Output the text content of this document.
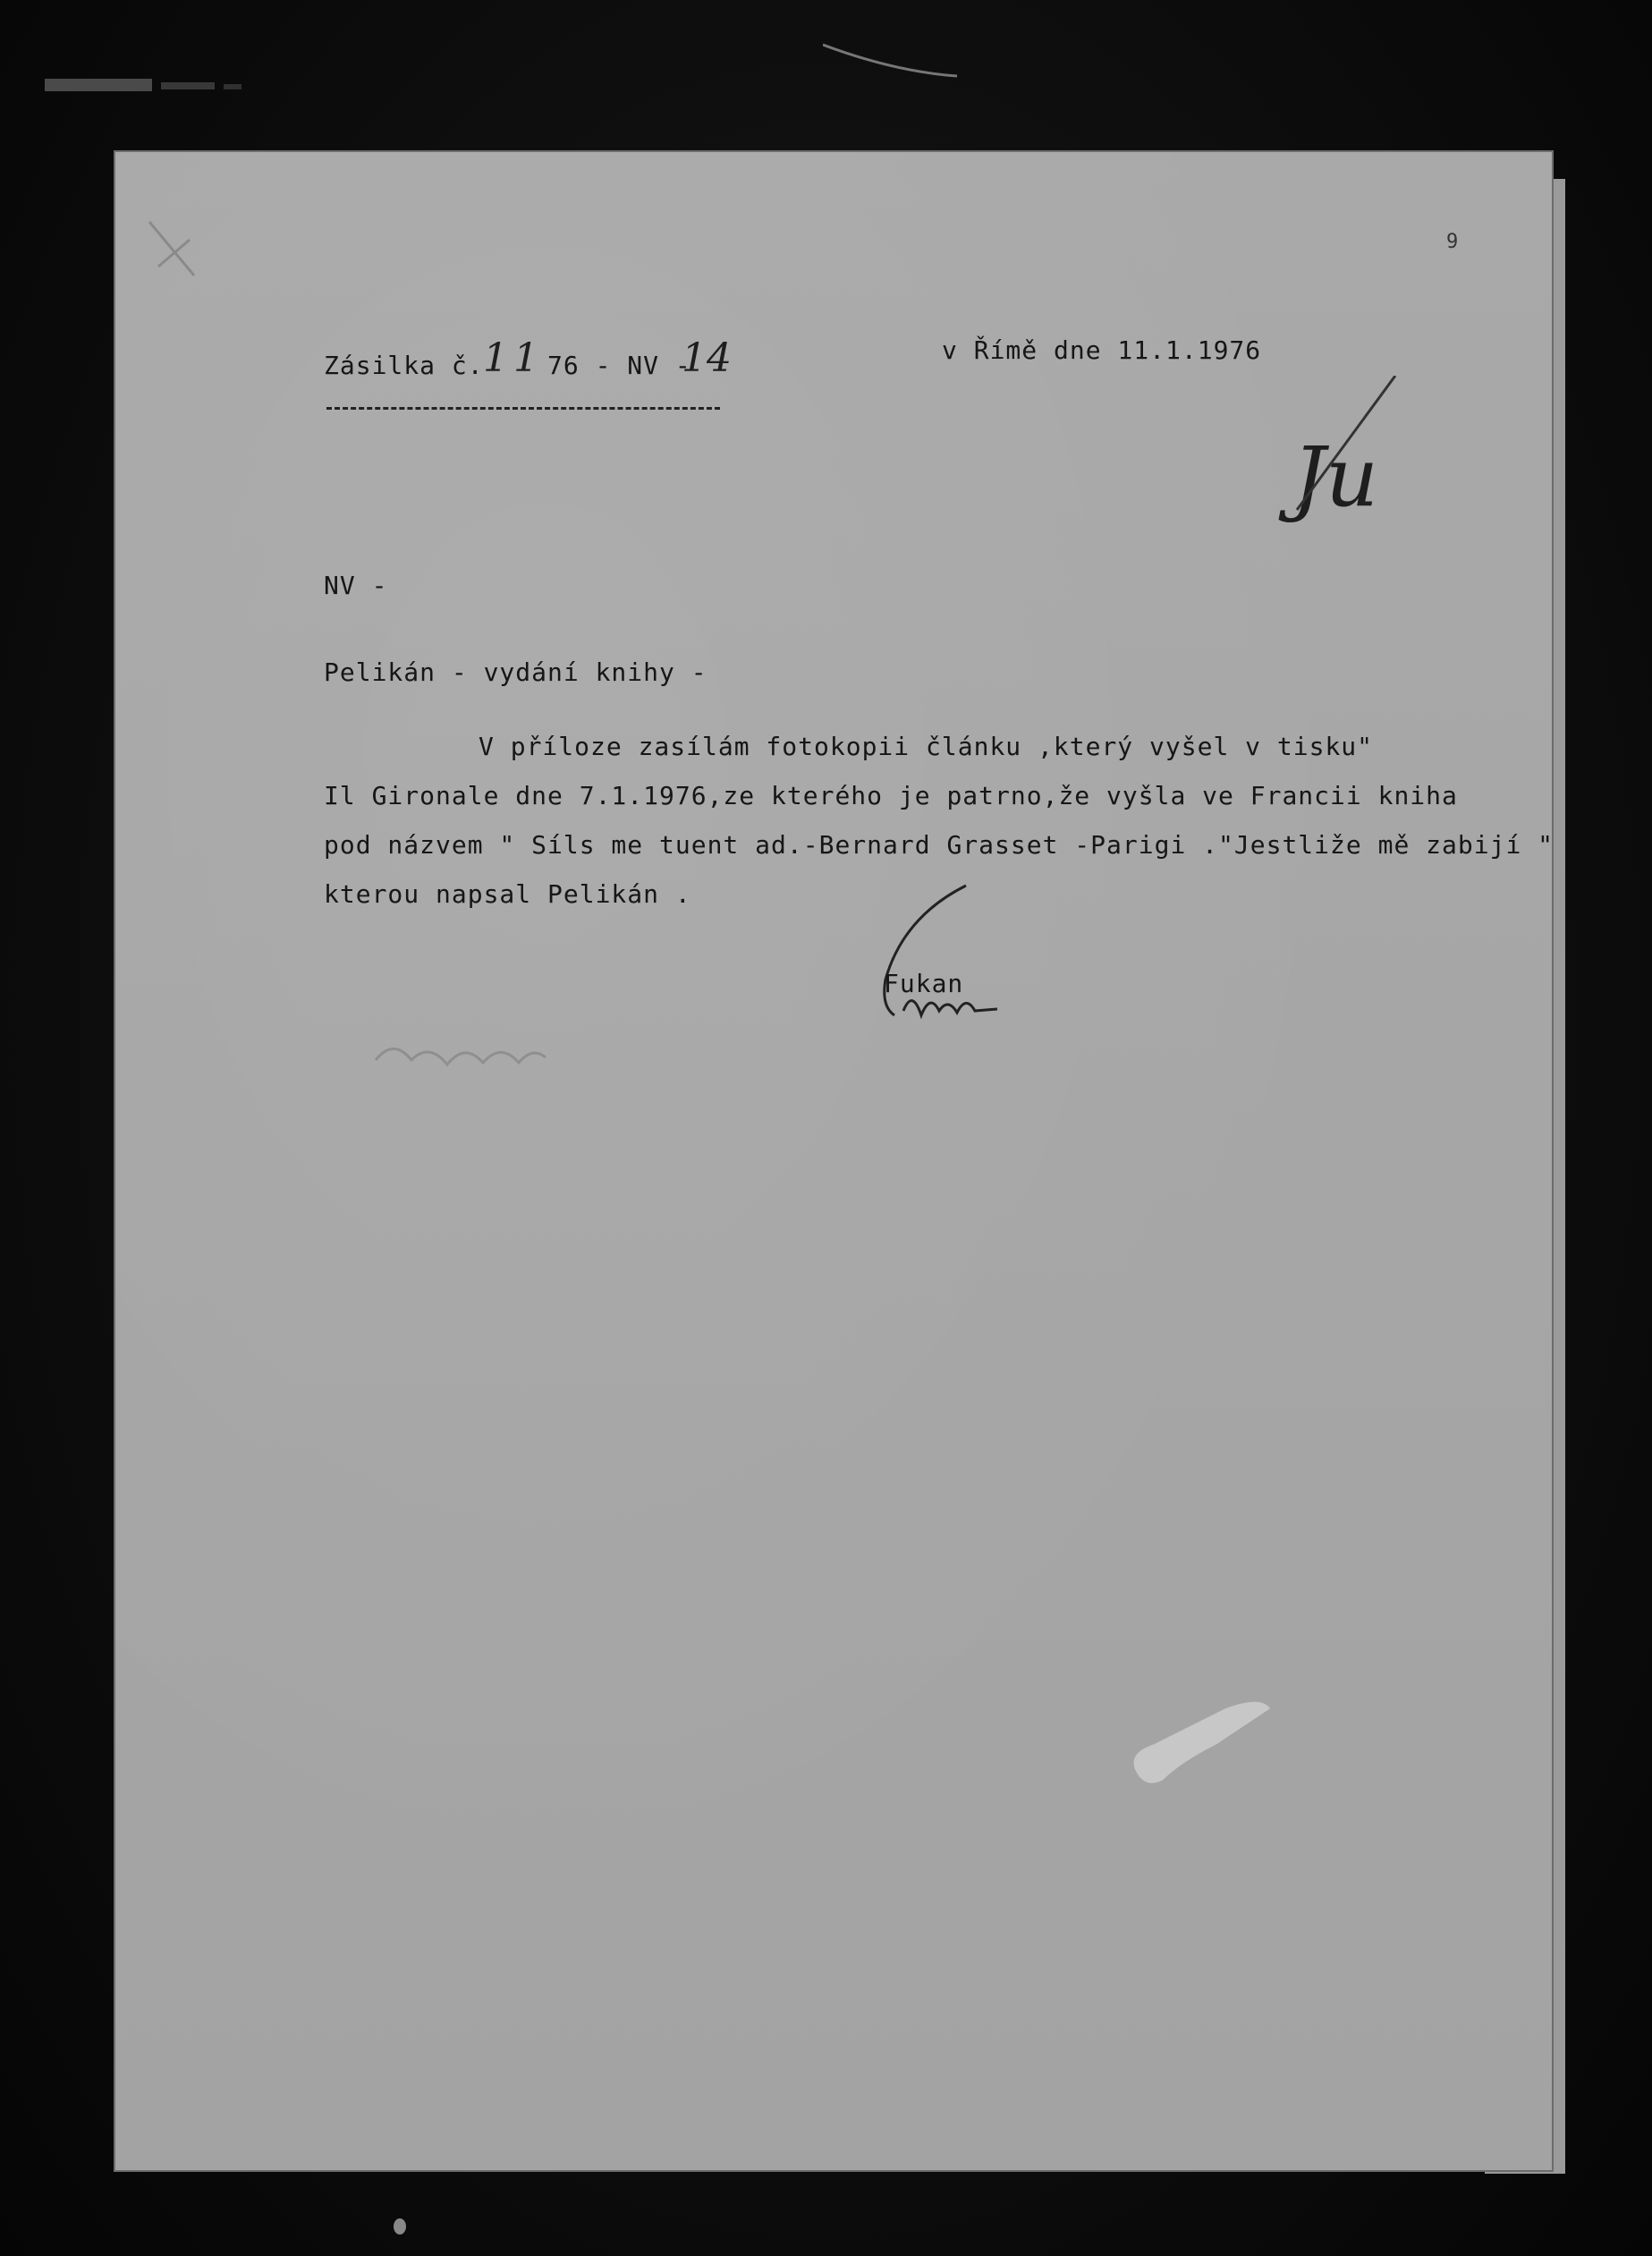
9
Zásilka č. 11 76 - NV -
14	v Římě dne 11.1.1976
Ju
NV -
Pelikán - vydání knihy -
V příloze zasílám fotokopii článku ,který vyšel v tisku"
Il Gironale dne 7.1.1976,ze kterého je patrno,že vyšla ve Francii kniha
pod názvem " Síls me tuent ad.-Bernard Grasset -Parigi ."Jestliže mě zabijí "
kterou napsal Pelikán .
Fukan
